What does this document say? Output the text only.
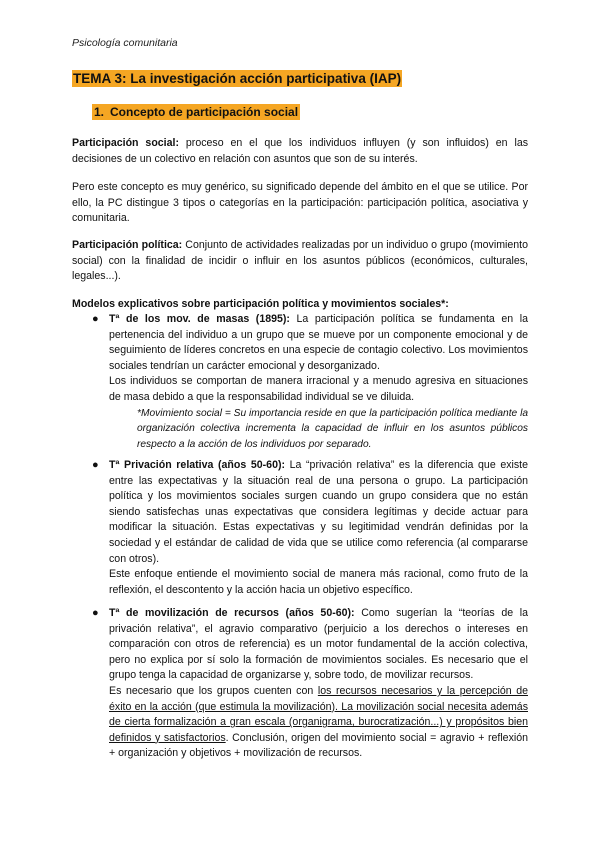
Psicología comunitaria
TEMA 3: La investigación acción participativa (IAP)
1. Concepto de participación social
Participación social: proceso en el que los individuos influyen (y son influidos) en las decisiones de un colectivo en relación con asuntos que son de su interés.
Pero este concepto es muy genérico, su significado depende del ámbito en el que se utilice. Por ello, la PC distingue 3 tipos o categorías en la participación: participación política, asociativa y comunitaria.
Participación política: Conjunto de actividades realizadas por un individuo o grupo (movimiento social) con la finalidad de incidir o influir en los asuntos públicos (económicos, culturales, legales...).
Modelos explicativos sobre participación política y movimientos sociales*:
● Tª de los mov. de masas (1895): La participación política se fundamenta en la pertenencia del individuo a un grupo que se mueve por un componente emocional y de seguimiento de líderes concretos en una especie de contagio colectivo. Los movimientos sociales tendrían un carácter emocional y desorganizado.
Los individuos se comportan de manera irracional y a menudo agresiva en situaciones de masa debido a que la responsabilidad individual se ve diluida.
*Movimiento social = Su importancia reside en que la participación política mediante la organización colectiva incrementa la capacidad de influir en los asuntos públicos respecto a la acción de los individuos por separado.
● Tª Privación relativa (años 50-60): La “privación relativa” es la diferencia que existe entre las expectativas y la situación real de una persona o grupo. La participación política y los movimientos sociales surgen cuando un grupo considera que no están siendo satisfechas unas expectativas que considera legítimas y decide actuar para modificar la situación. Estas expectativas y su legitimidad vendrán definidas por la sociedad y el estándar de calidad de vida que se utilice como referencia (al compararse con otros).
Este enfoque entiende el movimiento social de manera más racional, como fruto de la reflexión, el descontento y la acción hacia un objetivo específico.
● Tª de movilización de recursos (años 50-60): Como sugerían la “teorías de la privación relativa”, el agravio comparativo (perjuicio a los derechos o intereses en comparación con otros de referencia) es un motor fundamental de la acción colectiva, pero no explica por sí solo la formación de movimientos sociales. Es necesario que el grupo tenga la capacidad de organizarse y, sobre todo, de movilizar recursos.
Es necesario que los grupos cuenten con los recursos necesarios y la percepción de éxito en la acción (que estimula la movilización). La movilización social necesita además de cierta formalización a gran escala (organigrama, burocratización...) y propósitos bien definidos y satisfactorios. Conclusión, origen del movimiento social = agravio + reflexión + organización y objetivos + movilización de recursos.
